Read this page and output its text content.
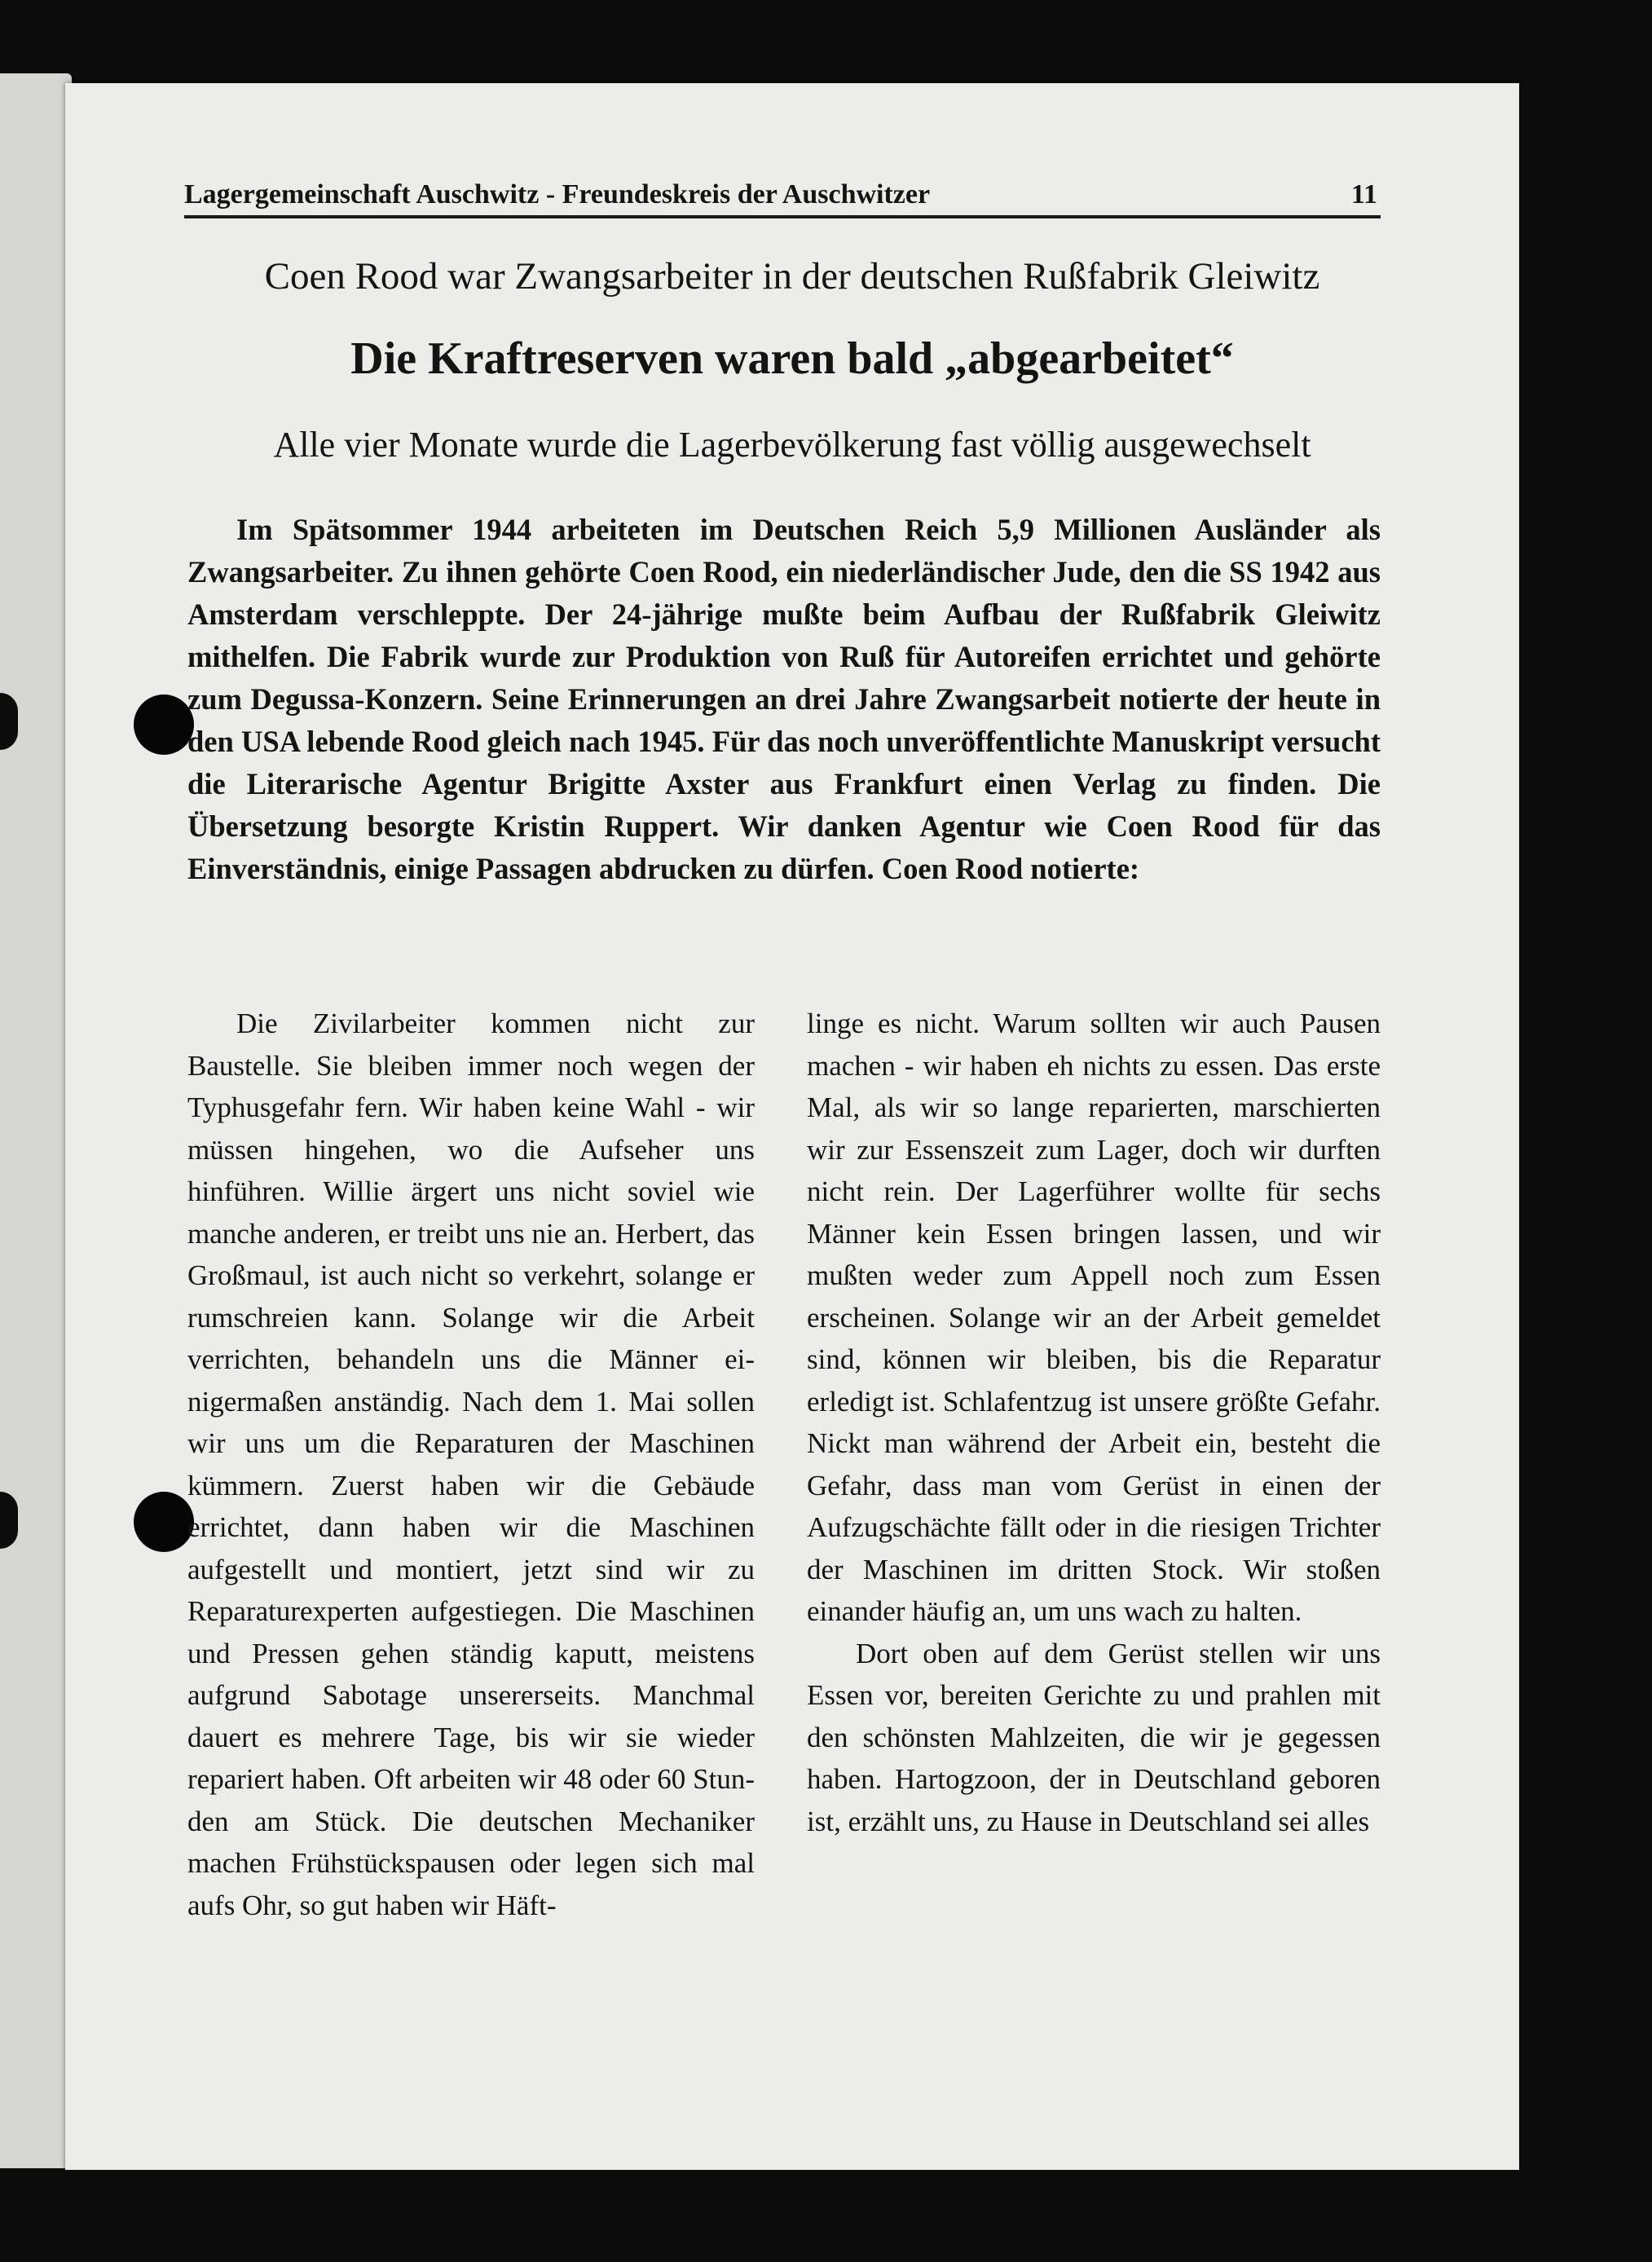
Lagergemeinschaft Auschwitz - Freundeskreis der Auschwitzer	11
Coen Rood war Zwangsarbeiter in der deutschen Rußfabrik Gleiwitz
Die Kraftreserven waren bald „abgearbeitet“
Alle vier Monate wurde die Lagerbevölkerung fast völlig ausgewechselt
Im Spätsommer 1944 arbeiteten im Deutschen Reich 5,9 Millionen Ausländer als Zwangsarbeiter. Zu ihnen gehörte Coen Rood, ein niederländischer Jude, den die SS 1942 aus Amsterdam verschleppte. Der 24-jährige mußte beim Aufbau der Rußfabrik Gleiwitz mithelfen. Die Fabrik wurde zur Produktion von Ruß für Autoreifen errichtet und gehörte zum Degussa-Konzern. Seine Erinnerungen an drei Jahre Zwangsarbeit notierte der heute in den USA lebende Rood gleich nach 1945. Für das noch unveröffentlichte Manuskript versucht die Literarische Agentur Brigitte Axster aus Frankfurt einen Verlag zu finden. Die Übersetzung besorgte Kristin Ruppert. Wir danken Agentur wie Coen Rood für das Einverständnis, einige Passagen abdrucken zu dürfen. Coen Rood notierte:

Die Zivilarbeiter kommen nicht zur Baustelle. Sie bleiben immer noch wegen der Typhusgefahr fern. Wir haben keine Wahl - wir müssen hingehen, wo die Aufseher uns hinführen. Willie ärgert uns nicht soviel wie manche anderen, er treibt uns nie an. Herbert, das Großmaul, ist auch nicht so verkehrt, solange er rumschreien kann. Solange wir die Arbeit verrichten, behandeln uns die Männer einigermaßen anständig. Nach dem 1. Mai sollen wir uns um die Reparaturen der Maschinen kümmern. Zuerst haben wir die Gebäude errichtet, dann haben wir die Maschinen aufgestellt und montiert, jetzt sind wir zu Reparaturexperten aufgestiegen. Die Maschinen und Pressen gehen ständig kaputt, meistens aufgrund Sabotage unsererseits. Manchmal dauert es mehrere Tage, bis wir sie wieder repariert haben. Oft arbeiten wir 48 oder 60 Stunden am Stück. Die deutschen Mechaniker machen Frühstückspausen oder legen sich mal aufs Ohr, so gut haben wir Häft-

linge es nicht. Warum sollten wir auch Pausen machen - wir haben eh nichts zu essen. Das erste Mal, als wir so lange reparierten, marschierten wir zur Essenszeit zum Lager, doch wir durften nicht rein. Der Lagerführer wollte für sechs Männer kein Essen bringen lassen, und wir mußten weder zum Appell noch zum Essen erscheinen. Solange wir an der Arbeit gemeldet sind, können wir bleiben, bis die Reparatur erledigt ist. Schlafentzug ist unsere größte Gefahr. Nickt man während der Arbeit ein, besteht die Gefahr, dass man vom Gerüst in einen der Aufzugschächte fällt oder in die riesigen Trichter der Maschinen im dritten Stock. Wir stoßen einander häufig an, um uns wach zu halten.

Dort oben auf dem Gerüst stellen wir uns Essen vor, bereiten Gerichte zu und prahlen mit den schönsten Mahlzeiten, die wir je gegessen haben. Hartogzoon, der in Deutschland geboren ist, erzählt uns, zu Hause in Deutschland sei alles
